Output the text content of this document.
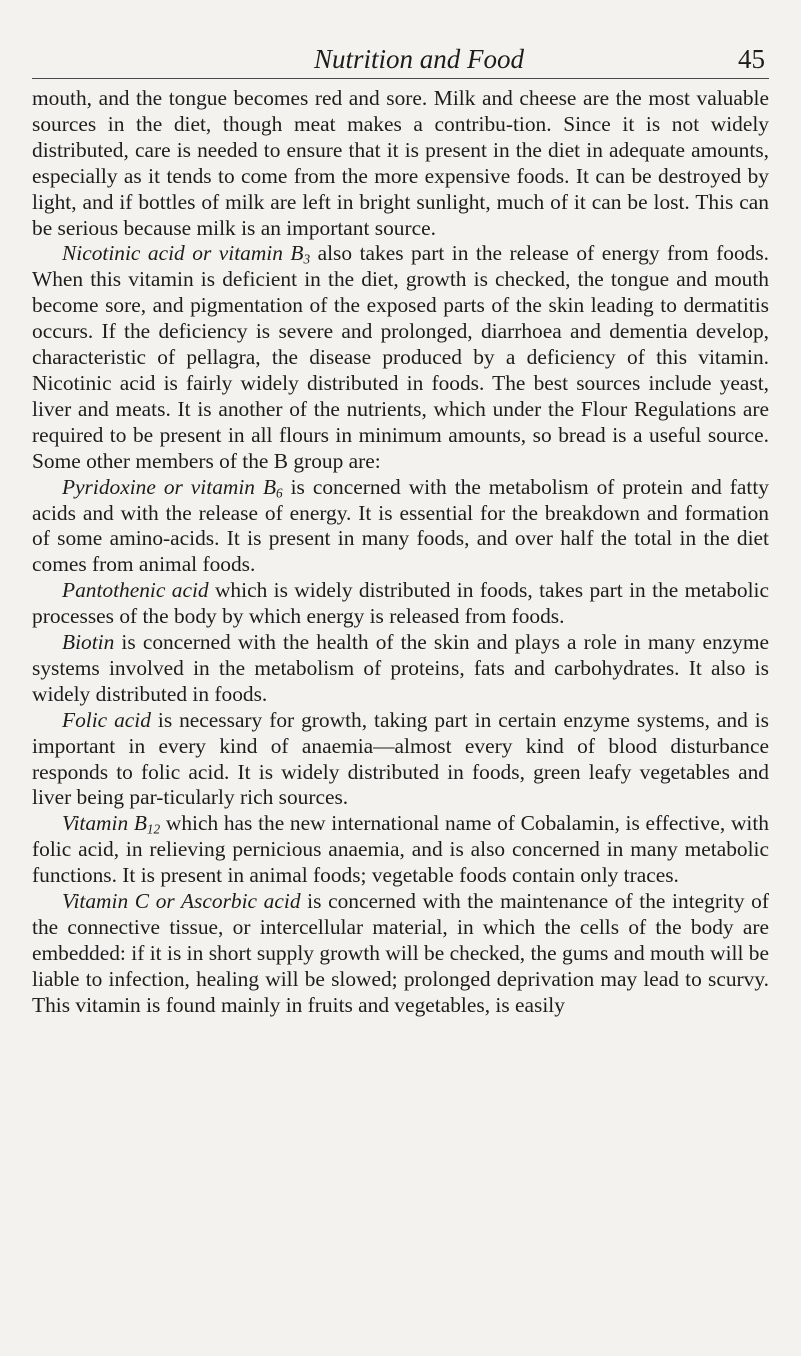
Nutrition and Food	45

mouth, and the tongue becomes red and sore. Milk and cheese are the most valuable sources in the diet, though meat makes a contribu-tion. Since it is not widely distributed, care is needed to ensure that it is present in the diet in adequate amounts, especially as it tends to come from the more expensive foods. It can be destroyed by light, and if bottles of milk are left in bright sunlight, much of it can be lost. This can be serious because milk is an important source.

Nicotinic acid or vitamin $B_3$ also takes part in the release of energy from foods. When this vitamin is deficient in the diet, growth is checked, the tongue and mouth become sore, and pigmentation of the exposed parts of the skin leading to dermatitis occurs. If the deficiency is severe and prolonged, diarrhoea and dementia develop, characteristic of pellagra, the disease produced by a deficiency of this vitamin. Nicotinic acid is fairly widely distributed in foods. The best sources include yeast, liver and meats. It is another of the nutrients, which under the Flour Regulations are required to be present in all flours in minimum amounts, so bread is a useful source. Some other members of the B group are:

Pyridoxine or vitamin $B_6$ is concerned with the metabolism of protein and fatty acids and with the release of energy. It is essential for the breakdown and formation of some amino-acids. It is present in many foods, and over half the total in the diet comes from animal foods.

Pantothenic acid which is widely distributed in foods, takes part in the metabolic processes of the body by which energy is released from foods.

Biotin is concerned with the health of the skin and plays a role in many enzyme systems involved in the metabolism of proteins, fats and carbohydrates. It also is widely distributed in foods.

Folic acid is necessary for growth, taking part in certain enzyme systems, and is important in every kind of anaemia—almost every kind of blood disturbance responds to folic acid. It is widely distributed in foods, green leafy vegetables and liver being par-ticularly rich sources.

Vitamin $B_{12}$ which has the new international name of Cobalamin, is effective, with folic acid, in relieving pernicious anaemia, and is also concerned in many metabolic functions. It is present in animal foods; vegetable foods contain only traces.

Vitamin C or Ascorbic acid is concerned with the maintenance of the integrity of the connective tissue, or intercellular material, in which the cells of the body are embedded: if it is in short supply growth will be checked, the gums and mouth will be liable to infection, healing will be slowed; prolonged deprivation may lead to scurvy. This vitamin is found mainly in fruits and vegetables, is easily
